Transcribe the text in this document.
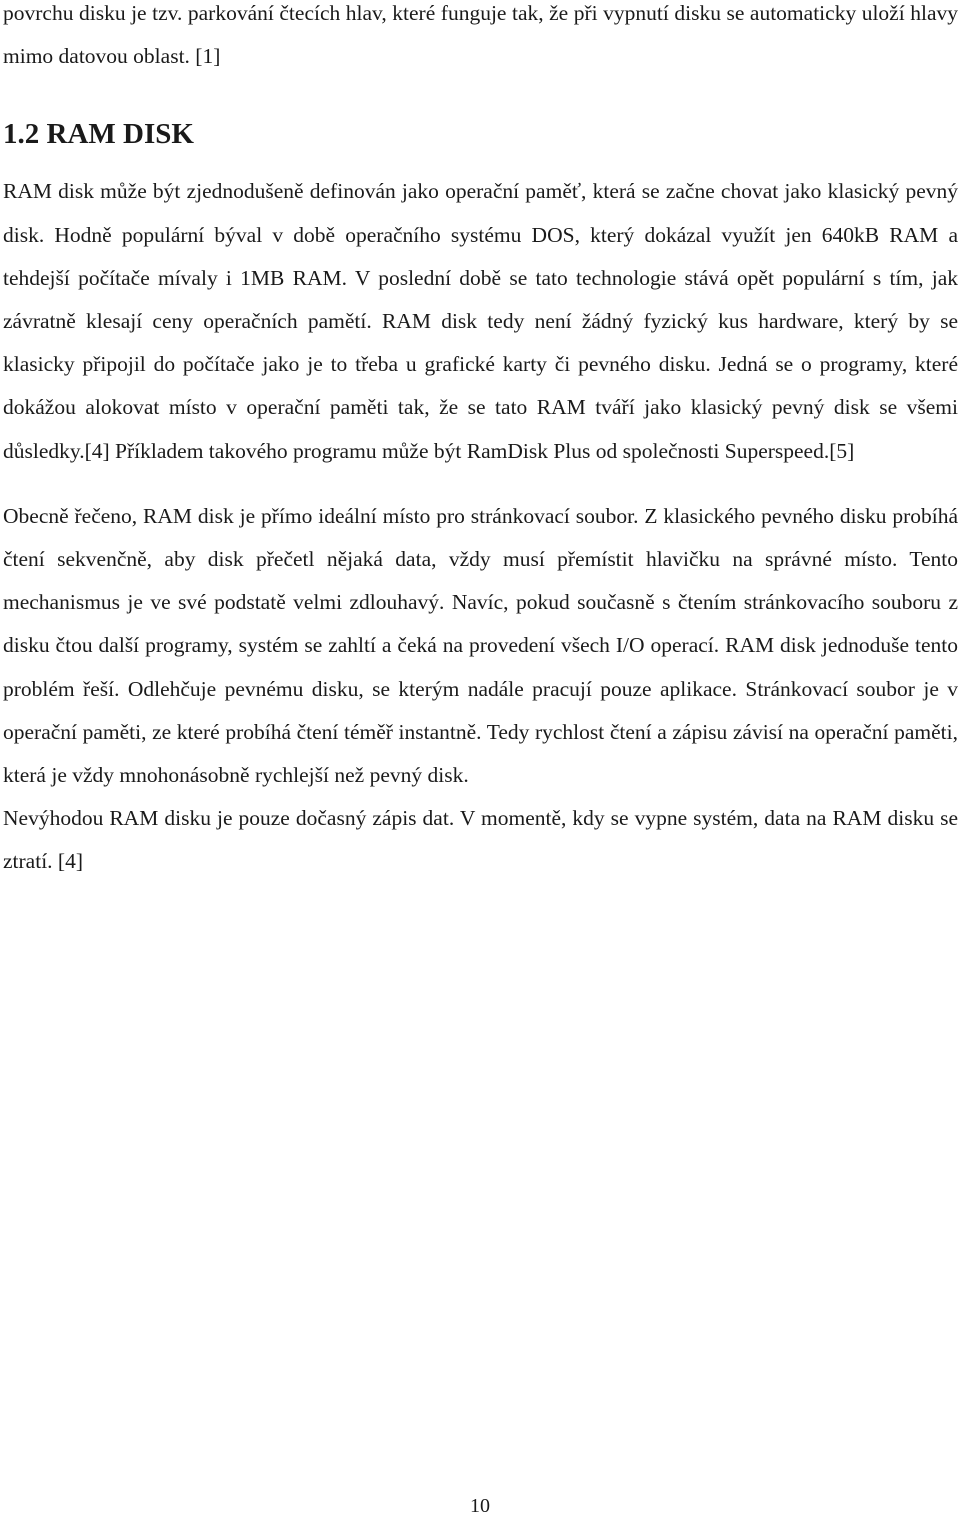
povrchu disku je tzv. parkování čtecích hlav, které funguje tak, že při vypnutí disku se automaticky uloží hlavy mimo datovou oblast. [1]

1.2 RAM DISK

RAM disk může být zjednodušeně definován jako operační paměť, která se začne chovat jako klasický pevný disk. Hodně populární býval v době operačního systému DOS, který dokázal využít jen 640kB RAM a tehdejší počítače mívaly i 1MB RAM. V poslední době se tato technologie stává opět populární s tím, jak závratně klesají ceny operačních pamětí. RAM disk tedy není žádný fyzický kus hardware, který by se klasicky připojil do počítače jako je to třeba u grafické karty či pevného disku. Jedná se o programy, které dokážou alokovat místo v operační paměti tak, že se tato RAM tváří jako klasický pevný disk se všemi důsledky.[4] Příkladem takového programu může být RamDisk Plus od společnosti Superspeed.[5]

Obecně řečeno, RAM disk je přímo ideální místo pro stránkovací soubor. Z klasického pevného disku probíhá čtení sekvenčně, aby disk přečetl nějaká data, vždy musí přemístit hlavičku na správné místo. Tento mechanismus je ve své podstatě velmi zdlouhavý. Navíc, pokud současně s čtením stránkovacího souboru z disku čtou další programy, systém se zahltí a čeká na provedení všech I/O operací. RAM disk jednoduše tento problém řeší. Odlehčuje pevnému disku, se kterým nadále pracují pouze aplikace. Stránkovací soubor je v operační paměti, ze které probíhá čtení téměř instantně. Tedy rychlost čtení a zápisu závisí na operační paměti, která je vždy mnohonásobně rychlejší než pevný disk.

Nevýhodou RAM disku je pouze dočasný zápis dat. V momentě, kdy se vypne systém, data na RAM disku se ztratí. [4]

10
